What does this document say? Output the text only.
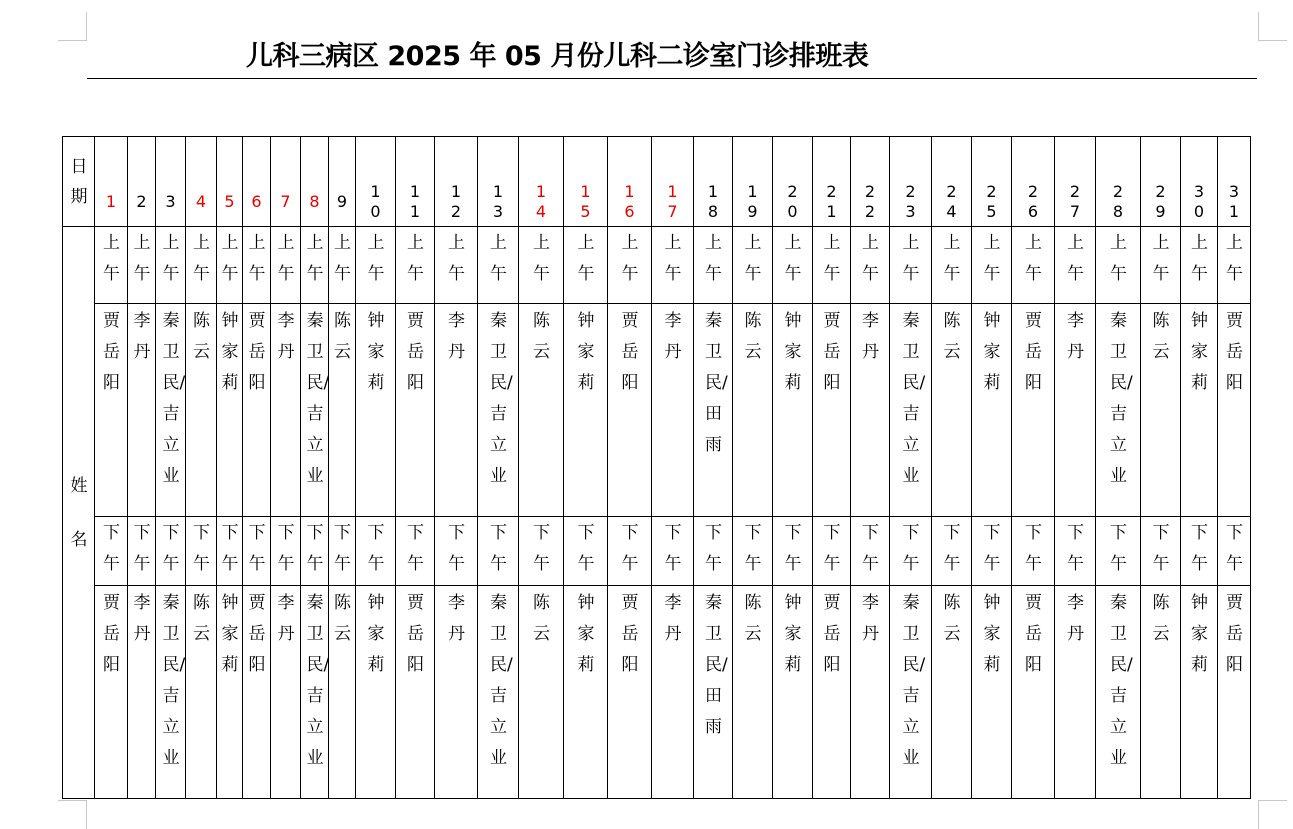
儿科三病区 2025 年 05 月份儿科二诊室门诊排班表
日期	1	2	3	4	5	6	7	8	9	10	11	12	13	14	15	16	17	18	19	20	21	22	23	24	25	26	27	28	29	30	31

姓名	上午	上午	上午	上午	上午	上午	上午	上午	上午	上午	上午	上午	上午	上午	上午	上午	上午	上午	上午	上午	上午	上午	上午	上午	上午	上午	上午	上午	上午	上午	上午

	贾岳阳	李丹	秦卫民/吉立业	陈云	钟家莉	贾岳阳	李丹	秦卫民/吉立业	陈云	钟家莉	贾岳阳	李丹	秦卫民/吉立业	陈云	钟家莉	贾岳阳	李丹	秦卫民/田雨	陈云	钟家莉	贾岳阳	李丹	秦卫民/吉立业	陈云	钟家莉	贾岳阳	李丹	秦卫民/吉立业	陈云	钟家莉	贾岳阳

	下午	下午	下午	下午	下午	下午	下午	下午	下午	下午	下午	下午	下午	下午	下午	下午	下午	下午	下午	下午	下午	下午	下午	下午	下午	下午	下午	下午	下午	下午	下午

	贾岳阳	李丹	秦卫民/吉立业	陈云	钟家莉	贾岳阳	李丹	秦卫民/吉立业	陈云	钟家莉	贾岳阳	李丹	秦卫民/吉立业	陈云	钟家莉	贾岳阳	李丹	秦卫民/田雨	陈云	钟家莉	贾岳阳	李丹	秦卫民/吉立业	陈云	钟家莉	贾岳阳	李丹	秦卫民/吉立业	陈云	钟家莉	贾岳阳
